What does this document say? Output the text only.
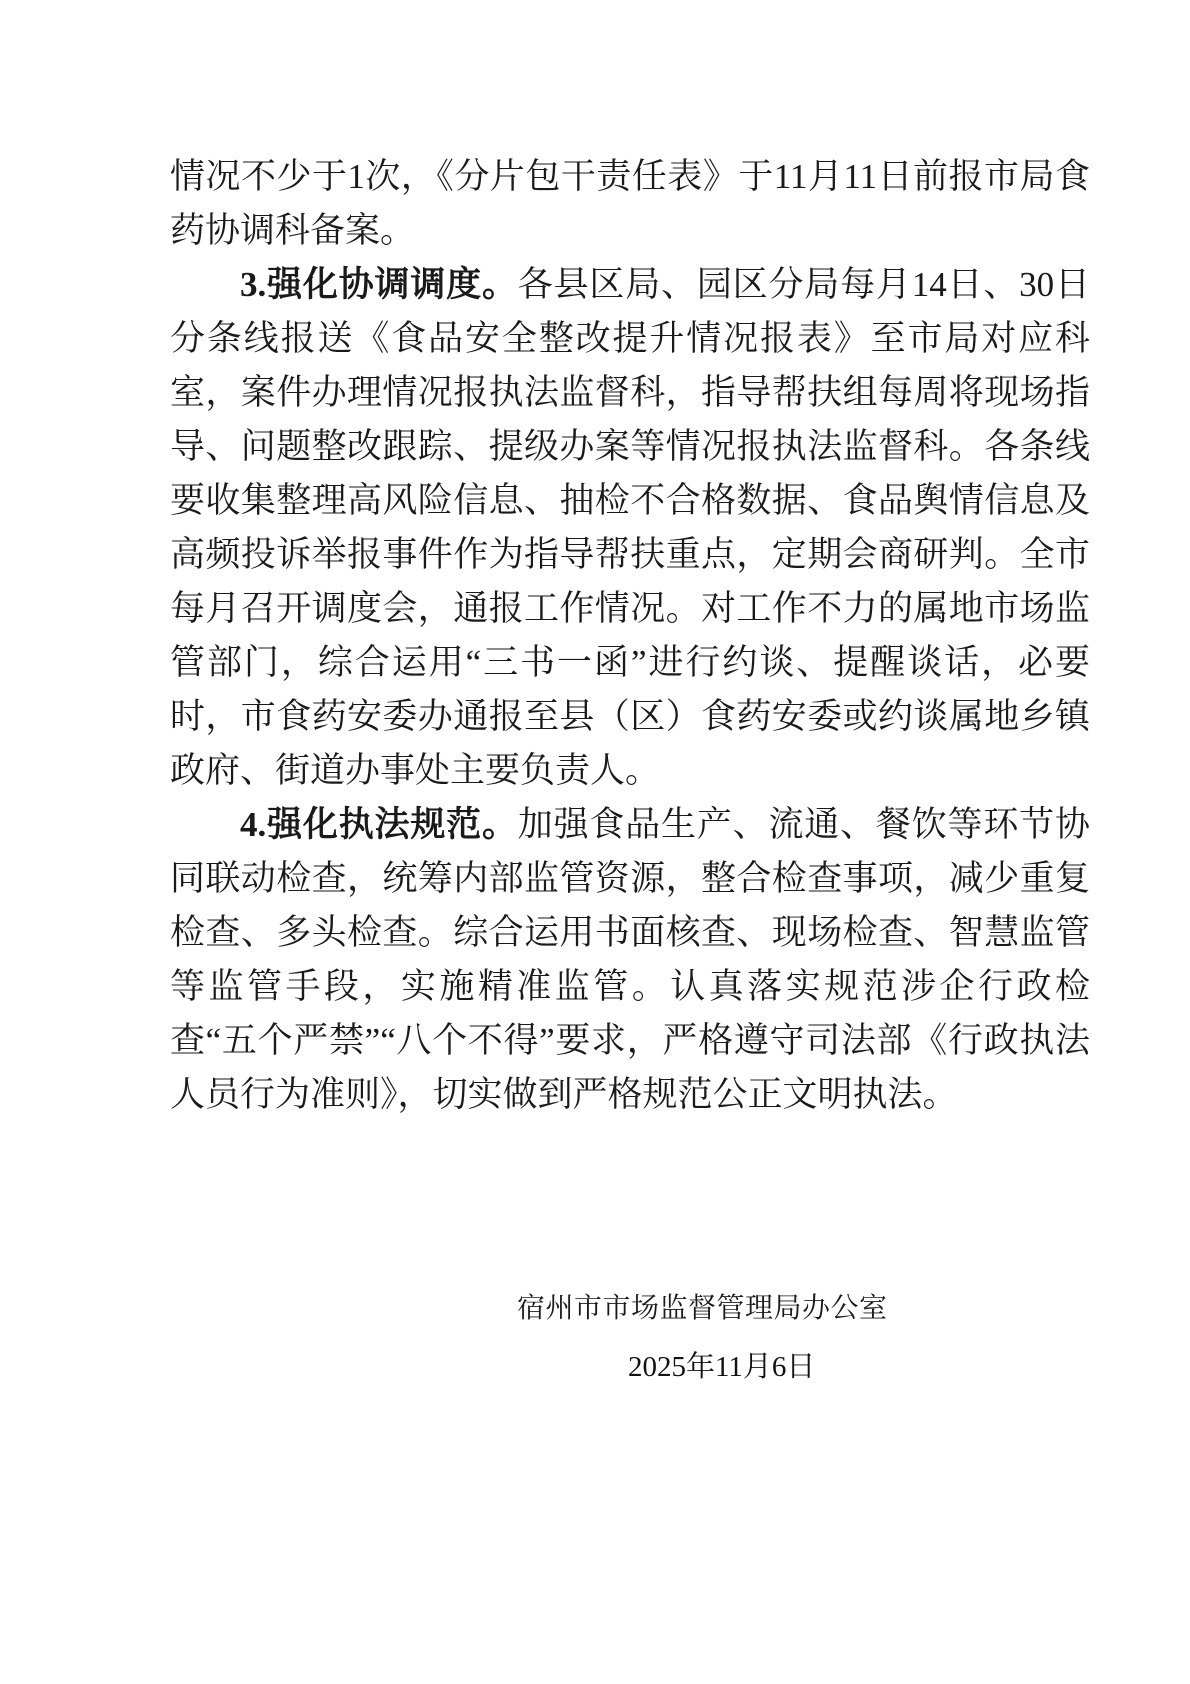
情况不少于1次，《分片包干责任表》于11月11日前报市局食药协调科备案。

3.强化协调调度。各县区局、园区分局每月14日、30日分条线报送《食品安全整改提升情况报表》至市局对应科室，案件办理情况报执法监督科，指导帮扶组每周将现场指导、问题整改跟踪、提级办案等情况报执法监督科。各条线要收集整理高风险信息、抽检不合格数据、食品舆情信息及高频投诉举报事件作为指导帮扶重点，定期会商研判。全市每月召开调度会，通报工作情况。对工作不力的属地市场监管部门，综合运用“三书一函”进行约谈、提醒谈话，必要时，市食药安委办通报至县（区）食药安委或约谈属地乡镇政府、街道办事处主要负责人。

4.强化执法规范。加强食品生产、流通、餐饮等环节协同联动检查，统筹内部监管资源，整合检查事项，减少重复检查、多头检查。综合运用书面核查、现场检查、智慧监管等监管手段，实施精准监管。认真落实规范涉企行政检查“五个严禁”“八个不得”要求，严格遵守司法部《行政执法人员行为准则》，切实做到严格规范公正文明执法。

宿州市市场监督管理局办公室
2025年11月6日
